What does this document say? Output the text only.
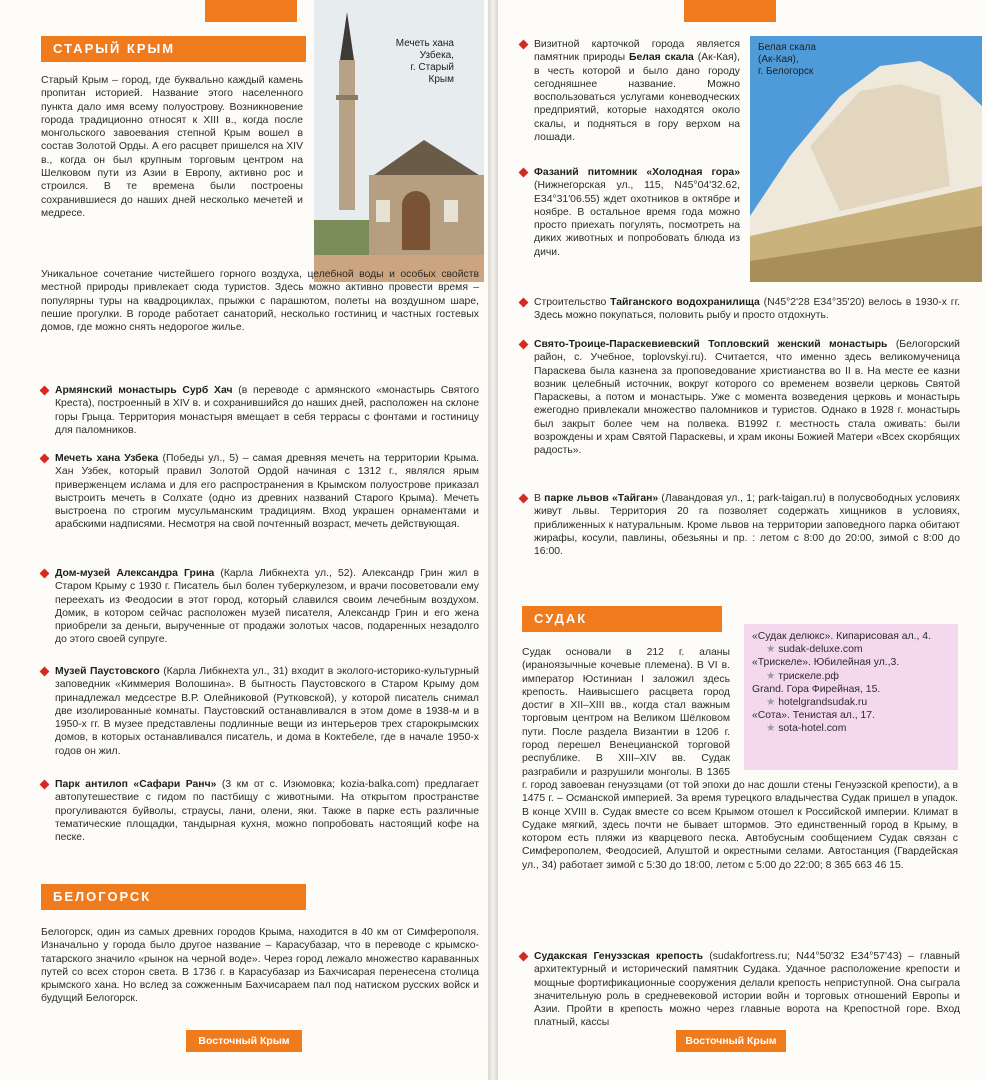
СТАРЫЙ КРЫМ	Мечеть хана
Узбека,
г. Старый
Крым

Старый Крым – город, где буквально каждый камень пропитан историей. Название этого населенного пункта дало имя всему полуострову. Возникновение города традиционно относят к XIII в., когда после монгольского завоевания степной Крым вошел в состав Золотой Орды. А его расцвет пришелся на XIV в., когда он был крупным торговым центром на Шелковом пути из Азии в Европу, активно рос и строился. В те времена были построены сохранившиеся до наших дней несколько мечетей и медресе.

Уникальное сочетание чистейшего горного воздуха, целебной воды и особых свойств местной природы привлекает сюда туристов. Здесь можно активно провести время – популярны туры на квадроциклах, прыжки с парашютом, полеты на воздушном шаре, пешие прогулки. В городе работает санаторий, несколько гостиниц и частных гостевых домов, где можно снять недорогое жилье.

Армянский монастырь Сурб Хач (в переводе с армянского «монастырь Святого Креста), построенный в XIV в. и сохранившийся до наших дней, расположен на склоне горы Грыца. Территория монастыря вмещает в себя террасы с фонтами и гостиницу для паломников.
Мечеть хана Узбека (Победы ул., 5) – самая древняя мечеть на территории Крыма. Хан Узбек, который правил Золотой Ордой начиная с 1312 г., являлся ярым приверженцем ислама и для его распространения в Крымском полуострове приказал выстроить мечеть в Солхате (одно из древних названий Старого Крыма). Мечеть выстроена по строгим мусульманским традициям. Вход украшен орнаментами и арабскими надписями. Несмотря на свой почтенный возраст, мечеть действующая.
Дом-музей Александра Грина (Карла Либкнехта ул., 52). Александр Грин жил в Старом Крыму с 1930 г. Писатель был болен туберкулезом, и врачи посоветовали ему переехать из Феодосии в этот город, который славился своим лечебным воздухом. Домик, в котором сейчас расположен музей писателя, Александр Грин и его жена приобрели за деньги, вырученные от продажи золотых часов, подаренных незадолго до этого своей супруге.
Музей Паустовского (Карла Либкнехта ул., 31) входит в эколого-историко-культурный заповедник «Киммерия Волошина». В бытность Паустовского в Старом Крыму дом принадлежал медсестре В.Р. Олейниковой (Рутковской), у которой писатель снимал две изолированные комнаты. Паустовский останавливался в этом доме в 1938-м и в 1950-х гг. В музее представлены подлинные вещи из интерьеров трех старокрымских домов, в которых останавливался писатель, и дома в Коктебеле, где в начале 1950-х годов он жил.
Парк антилоп «Сафари Ранч» (3 км от с. Изюмовка; kozia-balka.com) предлагает автопутешествие с гидом по пастбищу с животными. На открытом пространстве прогуливаются буйволы, страусы, лани, олени, яки. Также в парке есть различные тематические площадки, тандырная кухня, можно попробовать настоящий кофе на песке.
БЕЛОГОРСК

Белогорск, один из самых древних городов Крыма, находится в 40 км от Симферополя. Изначально у города было другое название – Карасубазар, что в переводе с крымско-татарского значило «рынок на черной воде». Через город лежало множество караванных путей со всех сторон света. В 1736 г. в Карасубазар из Бахчисарая перенесена столица крымского хана. Но вслед за сожженным Бахчисараем пал под натиском русских войск и будущий Белогорск.

Восточный Крым
Белая скала
(Ак-Кая),
г. Белогорск
Визитной карточкой города является памятник природы Белая скала (Ак-Кая), в честь которой и было дано городу сегодняшнее название. Можно воспользоваться услугами коневодческих предприятий, которые находятся около скалы, и подняться в гору верхом на лошади.
Фазаний питомник «Холодная гора» (Нижнегорская ул., 115, N45°04'32.62, E34°31'06.55) ждет охотников в октябре и ноябре. В остальное время года можно просто приехать погулять, посмотреть на диких животных и попробовать блюда из дичи.
Строительство Тайганского водохранилища (N45°2'28 E34°35'20) велось в 1930-х гг. Здесь можно покупаться, половить рыбу и просто отдохнуть.
Свято-Троице-Параскевиевский Топловский женский монастырь (Белогорский район, с. Учебное, toplovskyi.ru). Считается, что именно здесь великомученица Параскева была казнена за проповедование христианства во II в. На месте ее казни возник целебный источник, вокруг которого со временем возвели церковь Святой Параскевы, а потом и монастырь. Уже с момента возведения церковь и монастырь ежегодно привлекали множество паломников и туристов. Однако в 1928 г. монастырь был закрыт более чем на полвека. В1992 г. местность стала оживать: были возрождены и храм Святой Параскевы, и храм иконы Божией Матери «Всех скорбящих радость».
В парке львов «Тайган» (Лавандовая ул., 1; park-taigan.ru) в полусвободных условиях живут львы. Территория 20 га позволяет содержать хищников в условиях, приближенных к натуральным. Кроме львов на территории заповедного парка обитают жирафы, косули, павлины, обезьяны и пр. : летом с 8:00 до 20:00, зимой с 8:00 до 16:00.
СУДАК
«Судак делюкс». Кипарисовая ал., 4.
★ sudak-deluxe.com
«Трискеле». Юбилейная ул.,3.
★ трискеле.рф
Grand. Гора Фирейная, 15.
★ hotelgrandsudak.ru
«Сота». Тенистая ал., 17.
★ sota-hotel.com

Судак основали в 212 г. аланы (ираноязычные кочевые племена). В VI в. император Юстиниан I заложил здесь крепость. Наивысшего расцвета город достиг в XII–XIII вв., когда стал важным торговым центром на Великом Шёлковом пути. После раздела Византии в 1206 г. город перешел Венецианской торговой республике. В XIII–XIV вв. Судак разграбили и разрушили монголы. В 1365 г. город завоеван генуэзцами (от той эпохи до нас дошли стены Генуэзской крепости), а в 1475 г. – Османской империей. За время турецкого владычества Судак пришел в упадок. В конце XVIII в. Судак вместе со всем Крымом отошел к Российской империи. Климат в Судаке мягкий, здесь почти не бывает штормов. Это единственный город в Крыму, в котором есть пляжи из кварцевого песка. Автобусным сообщением Судак связан с Симферополем, Феодосией, Алуштой и окрестными селами. Автостанция (Гвардейская ул., 34) работает зимой с 5:30 до 18:00, летом с 5:00 до 22:00; 8 365 663 46 15.

Судакская Генуэзская крепость (sudakfortress.ru; N44°50'32 E34°57'43) – главный архитектурный и исторический памятник Судака. Удачное расположение крепости и мощные фортификационные сооружения делали крепость неприступной. Она сыграла значительную роль в средневековой истории войн и торговых отношений Европы и Азии. Пройти в крепость можно через главные ворота на Крепостной горе. Вход платный, кассы
Восточный Крым
